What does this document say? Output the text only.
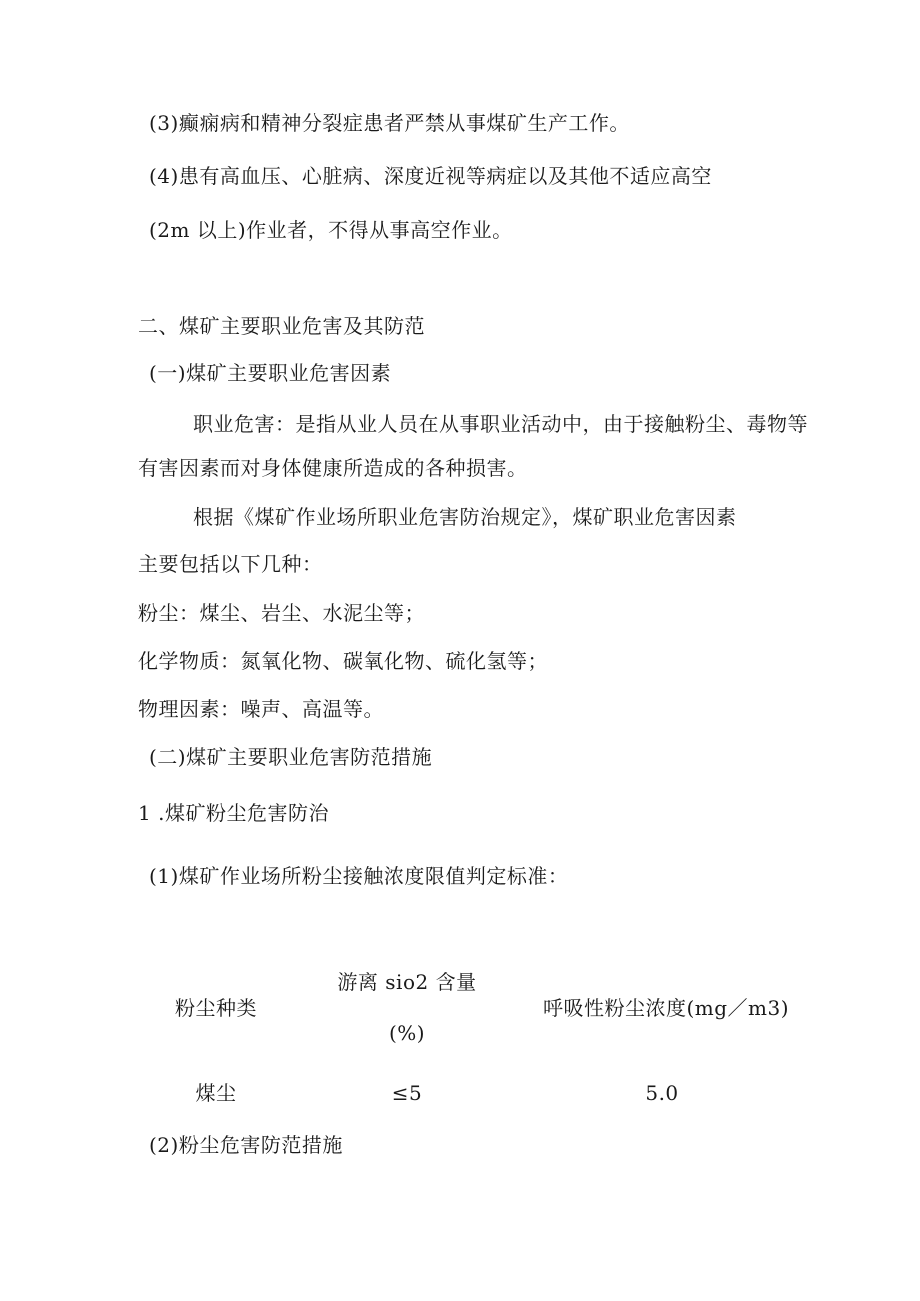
(3)癫痫病和精神分裂症患者严禁从事煤矿生产工作。
(4)患有高血压、心脏病、深度近视等病症以及其他不适应高空
(2m 以上)作业者，不得从事高空作业。
二、煤矿主要职业危害及其防范
(一)煤矿主要职业危害因素
职业危害：是指从业人员在从事职业活动中，由于接触粉尘、毒物等
有害因素而对身体健康所造成的各种损害。
根据《煤矿作业场所职业危害防治规定》，煤矿职业危害因素
主要包括以下几种：
粉尘：煤尘、岩尘、水泥尘等；
化学物质：氮氧化物、碳氧化物、硫化氢等；
物理因素：噪声、高温等。
(二)煤矿主要职业危害防范措施
1 .煤矿粉尘危害防治
(1)煤矿作业场所粉尘接触浓度限值判定标准：
粉尘种类
游离 sio2 含量
(%)
呼吸性粉尘浓度(mg／m3)
煤尘	≤5	5.0
(2)粉尘危害防范措施
